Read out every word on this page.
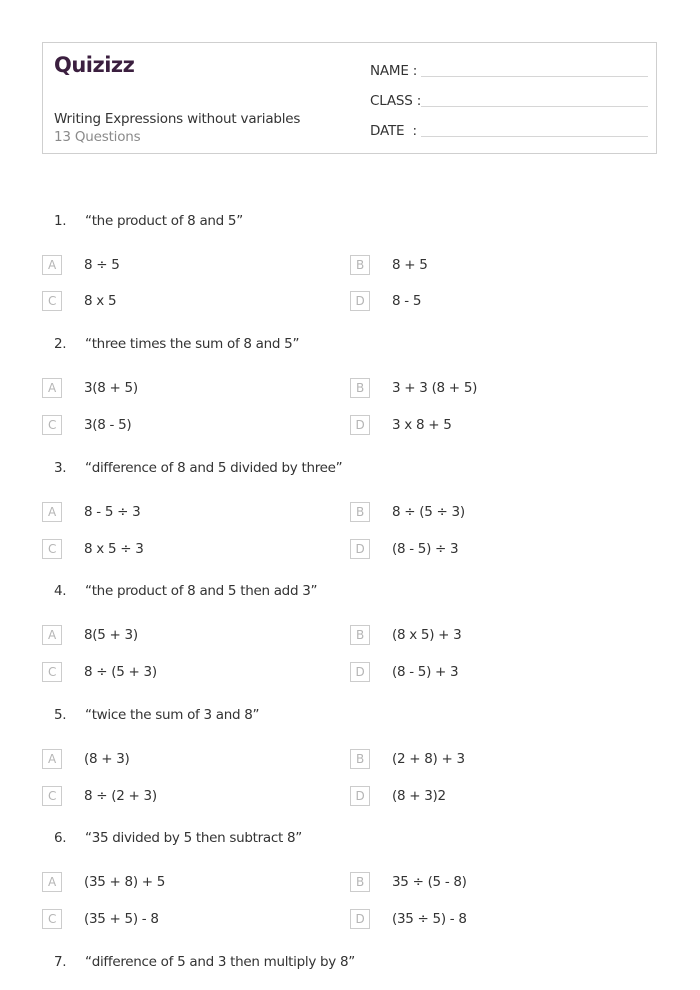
Quizizz
Writing Expressions without variables
13 Questions
NAME :
CLASS :
DATE  :
1.	“the product of 8 and 5”
A	8 ÷ 5	B	8 + 5
C	8 x 5	D	8 - 5
2.	“three times the sum of 8 and 5”
A	3(8 + 5)	B	3 + 3 (8 + 5)
C	3(8 - 5)	D	3 x 8 + 5
3.	“difference of 8 and 5 divided by three”
A	8 - 5 ÷ 3	B	8 ÷ (5 ÷ 3)
C	8 x 5 ÷ 3	D	(8 - 5) ÷ 3
4.	“the product of 8 and 5 then add 3”
A	8(5 + 3)	B	(8 x 5) + 3
C	8 ÷ (5 + 3)	D	(8 - 5) + 3
5.	“twice the sum of 3 and 8”
A	(8 + 3)	B	(2 + 8) + 3
C	8 ÷ (2 + 3)	D	(8 + 3)2
6.	“35 divided by 5 then subtract 8”
A	(35 + 8) + 5	B	35 ÷ (5 - 8)
C	(35 + 5) - 8	D	(35 ÷ 5) - 8
7.	“difference of 5 and 3 then multiply by 8”
